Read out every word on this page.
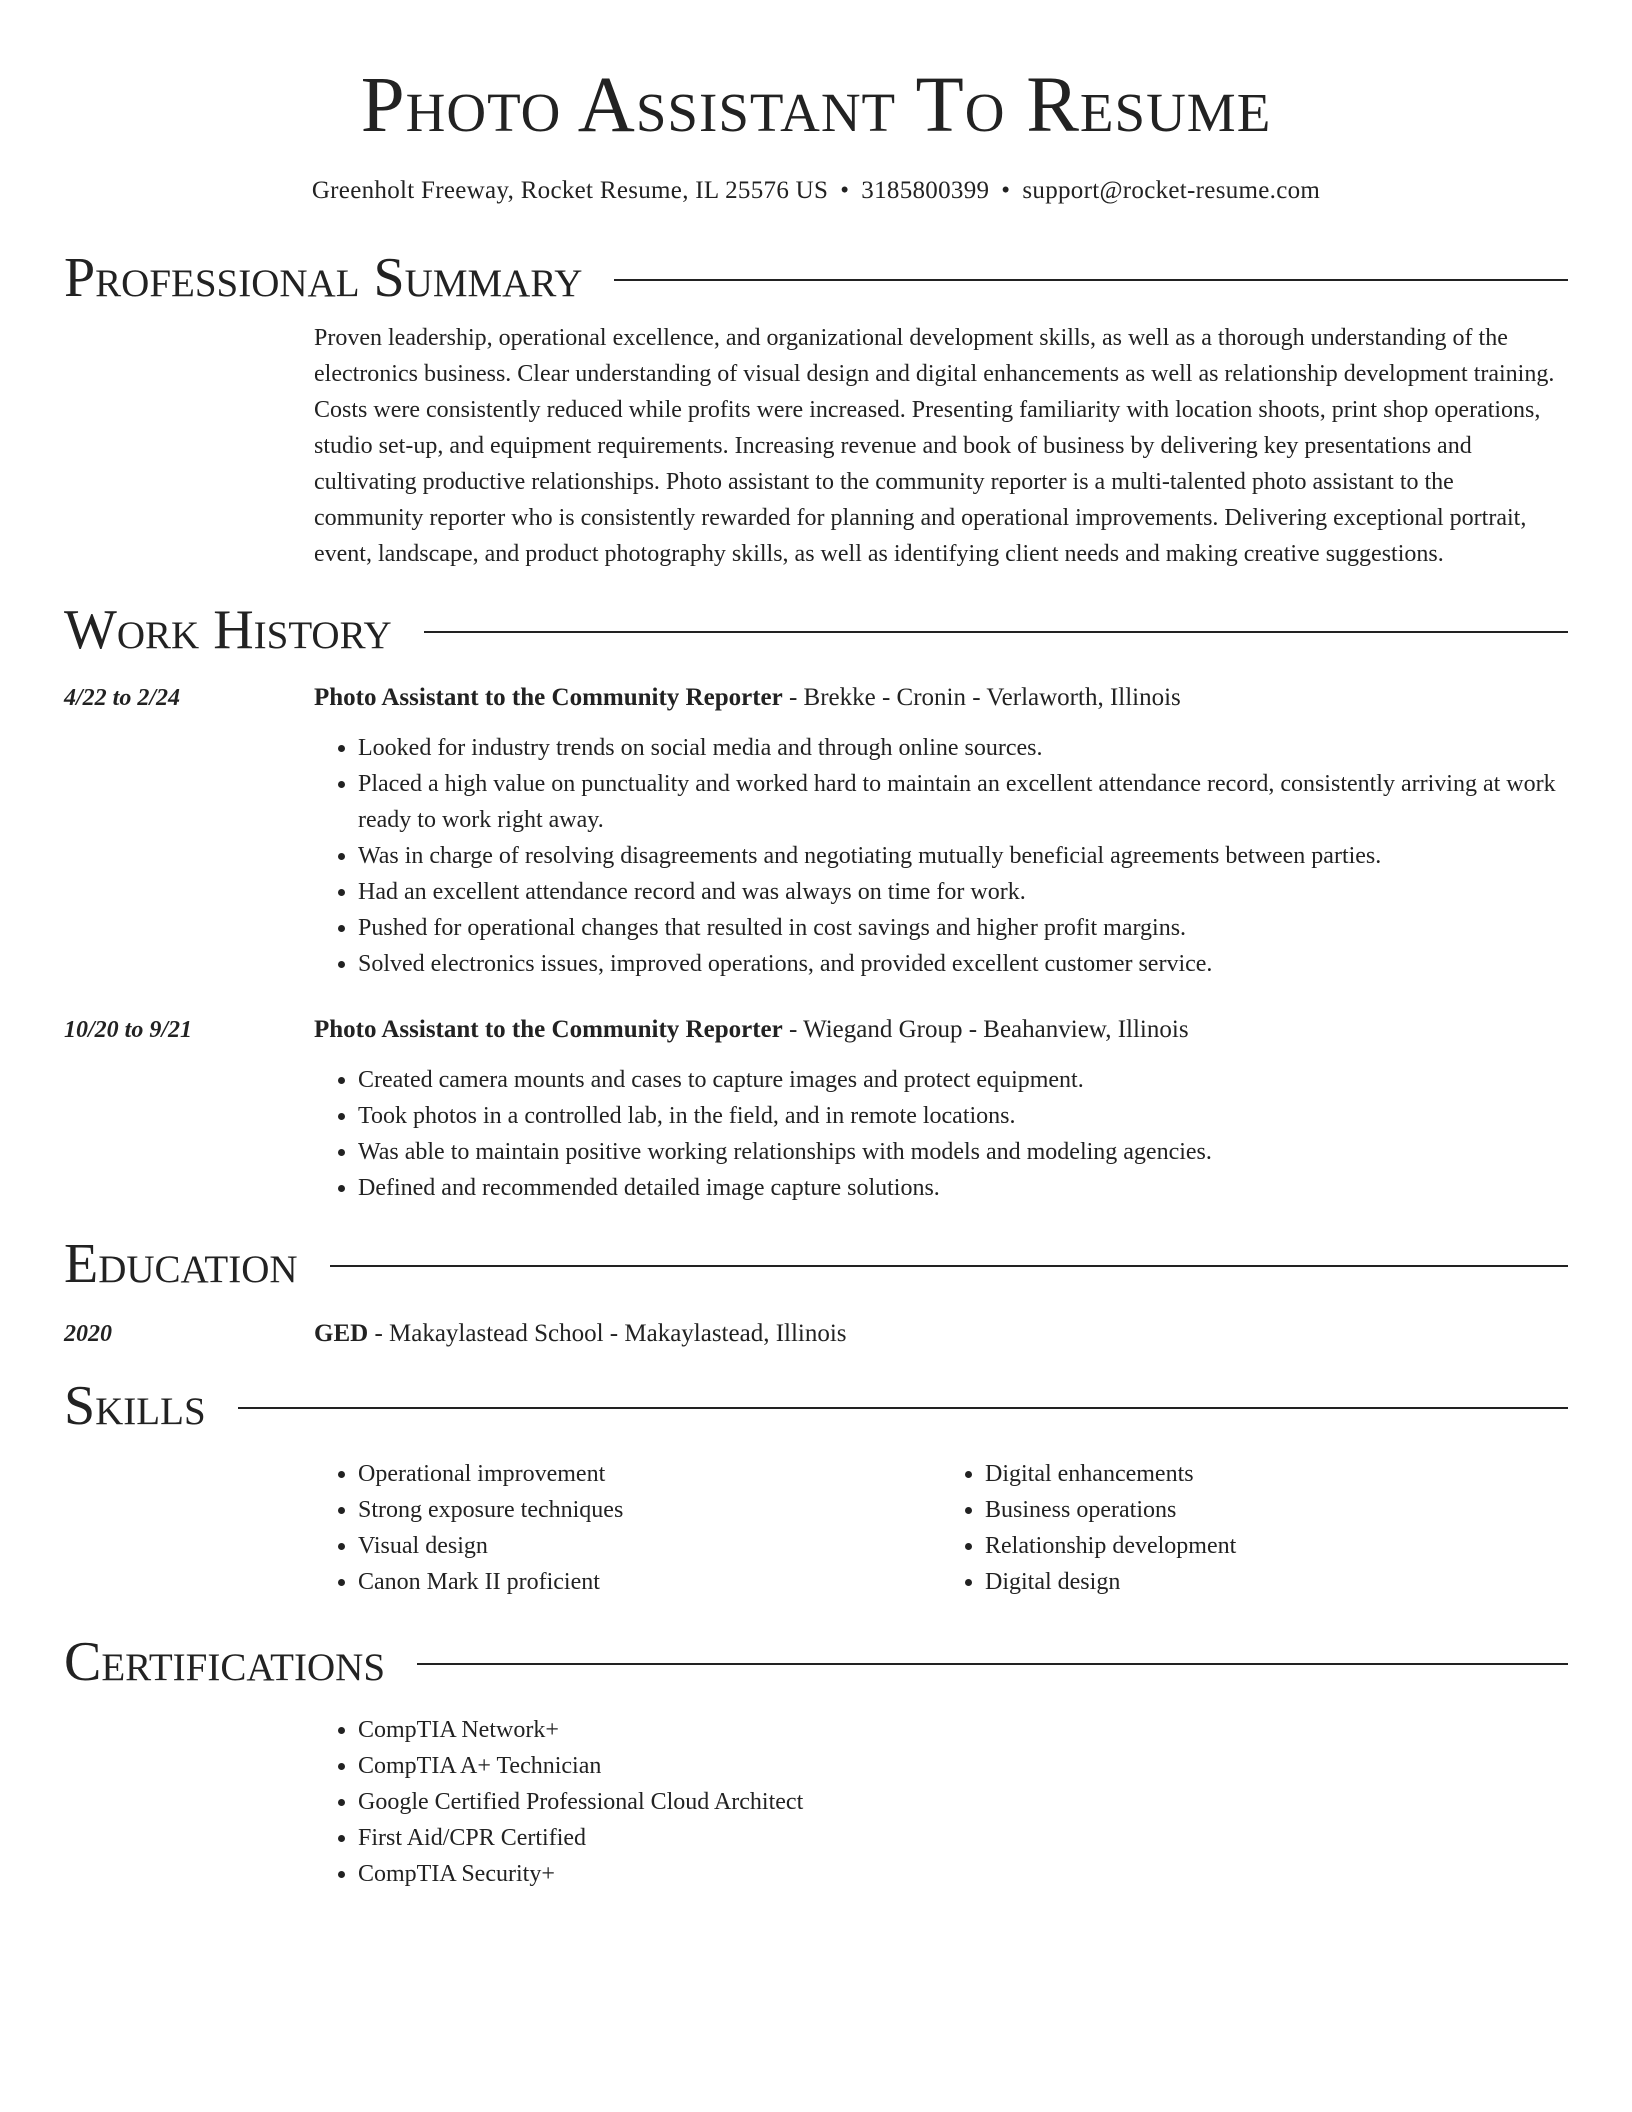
Photo Assistant To Resume
Greenholt Freeway, Rocket Resume, IL 25576 US • 3185800399 • support@rocket-resume.com
Professional Summary

Proven leadership, operational excellence, and organizational development skills, as well as a thorough understanding of the electronics business. Clear understanding of visual design and digital enhancements as well as relationship development training. Costs were consistently reduced while profits were increased. Presenting familiarity with location shoots, print shop operations, studio set-up, and equipment requirements. Increasing revenue and book of business by delivering key presentations and cultivating productive relationships. Photo assistant to the community reporter is a multi-talented photo assistant to the community reporter who is consistently rewarded for planning and operational improvements. Delivering exceptional portrait, event, landscape, and product photography skills, as well as identifying client needs and making creative suggestions.

Work History
4/22 to 2/24	Photo Assistant to the Community Reporter - Brekke - Cronin - Verlaworth, Illinois
• Looked for industry trends on social media and through online sources.
• Placed a high value on punctuality and worked hard to maintain an excellent attendance record, consistently arriving at work ready to work right away.
• Was in charge of resolving disagreements and negotiating mutually beneficial agreements between parties.
• Had an excellent attendance record and was always on time for work.
• Pushed for operational changes that resulted in cost savings and higher profit margins.
• Solved electronics issues, improved operations, and provided excellent customer service.
10/20 to 9/21	Photo Assistant to the Community Reporter - Wiegand Group - Beahanview, Illinois
• Created camera mounts and cases to capture images and protect equipment.
• Took photos in a controlled lab, in the field, and in remote locations.
• Was able to maintain positive working relationships with models and modeling agencies.
• Defined and recommended detailed image capture solutions.
Education
2020	GED - Makaylastead School - Makaylastead, Illinois
Skills
• Operational improvement
• Strong exposure techniques
• Visual design
• Canon Mark II proficient
• Digital enhancements
• Business operations
• Relationship development
• Digital design
Certifications
• CompTIA Network+
• CompTIA A+ Technician
• Google Certified Professional Cloud Architect
• First Aid/CPR Certified
• CompTIA Security+
